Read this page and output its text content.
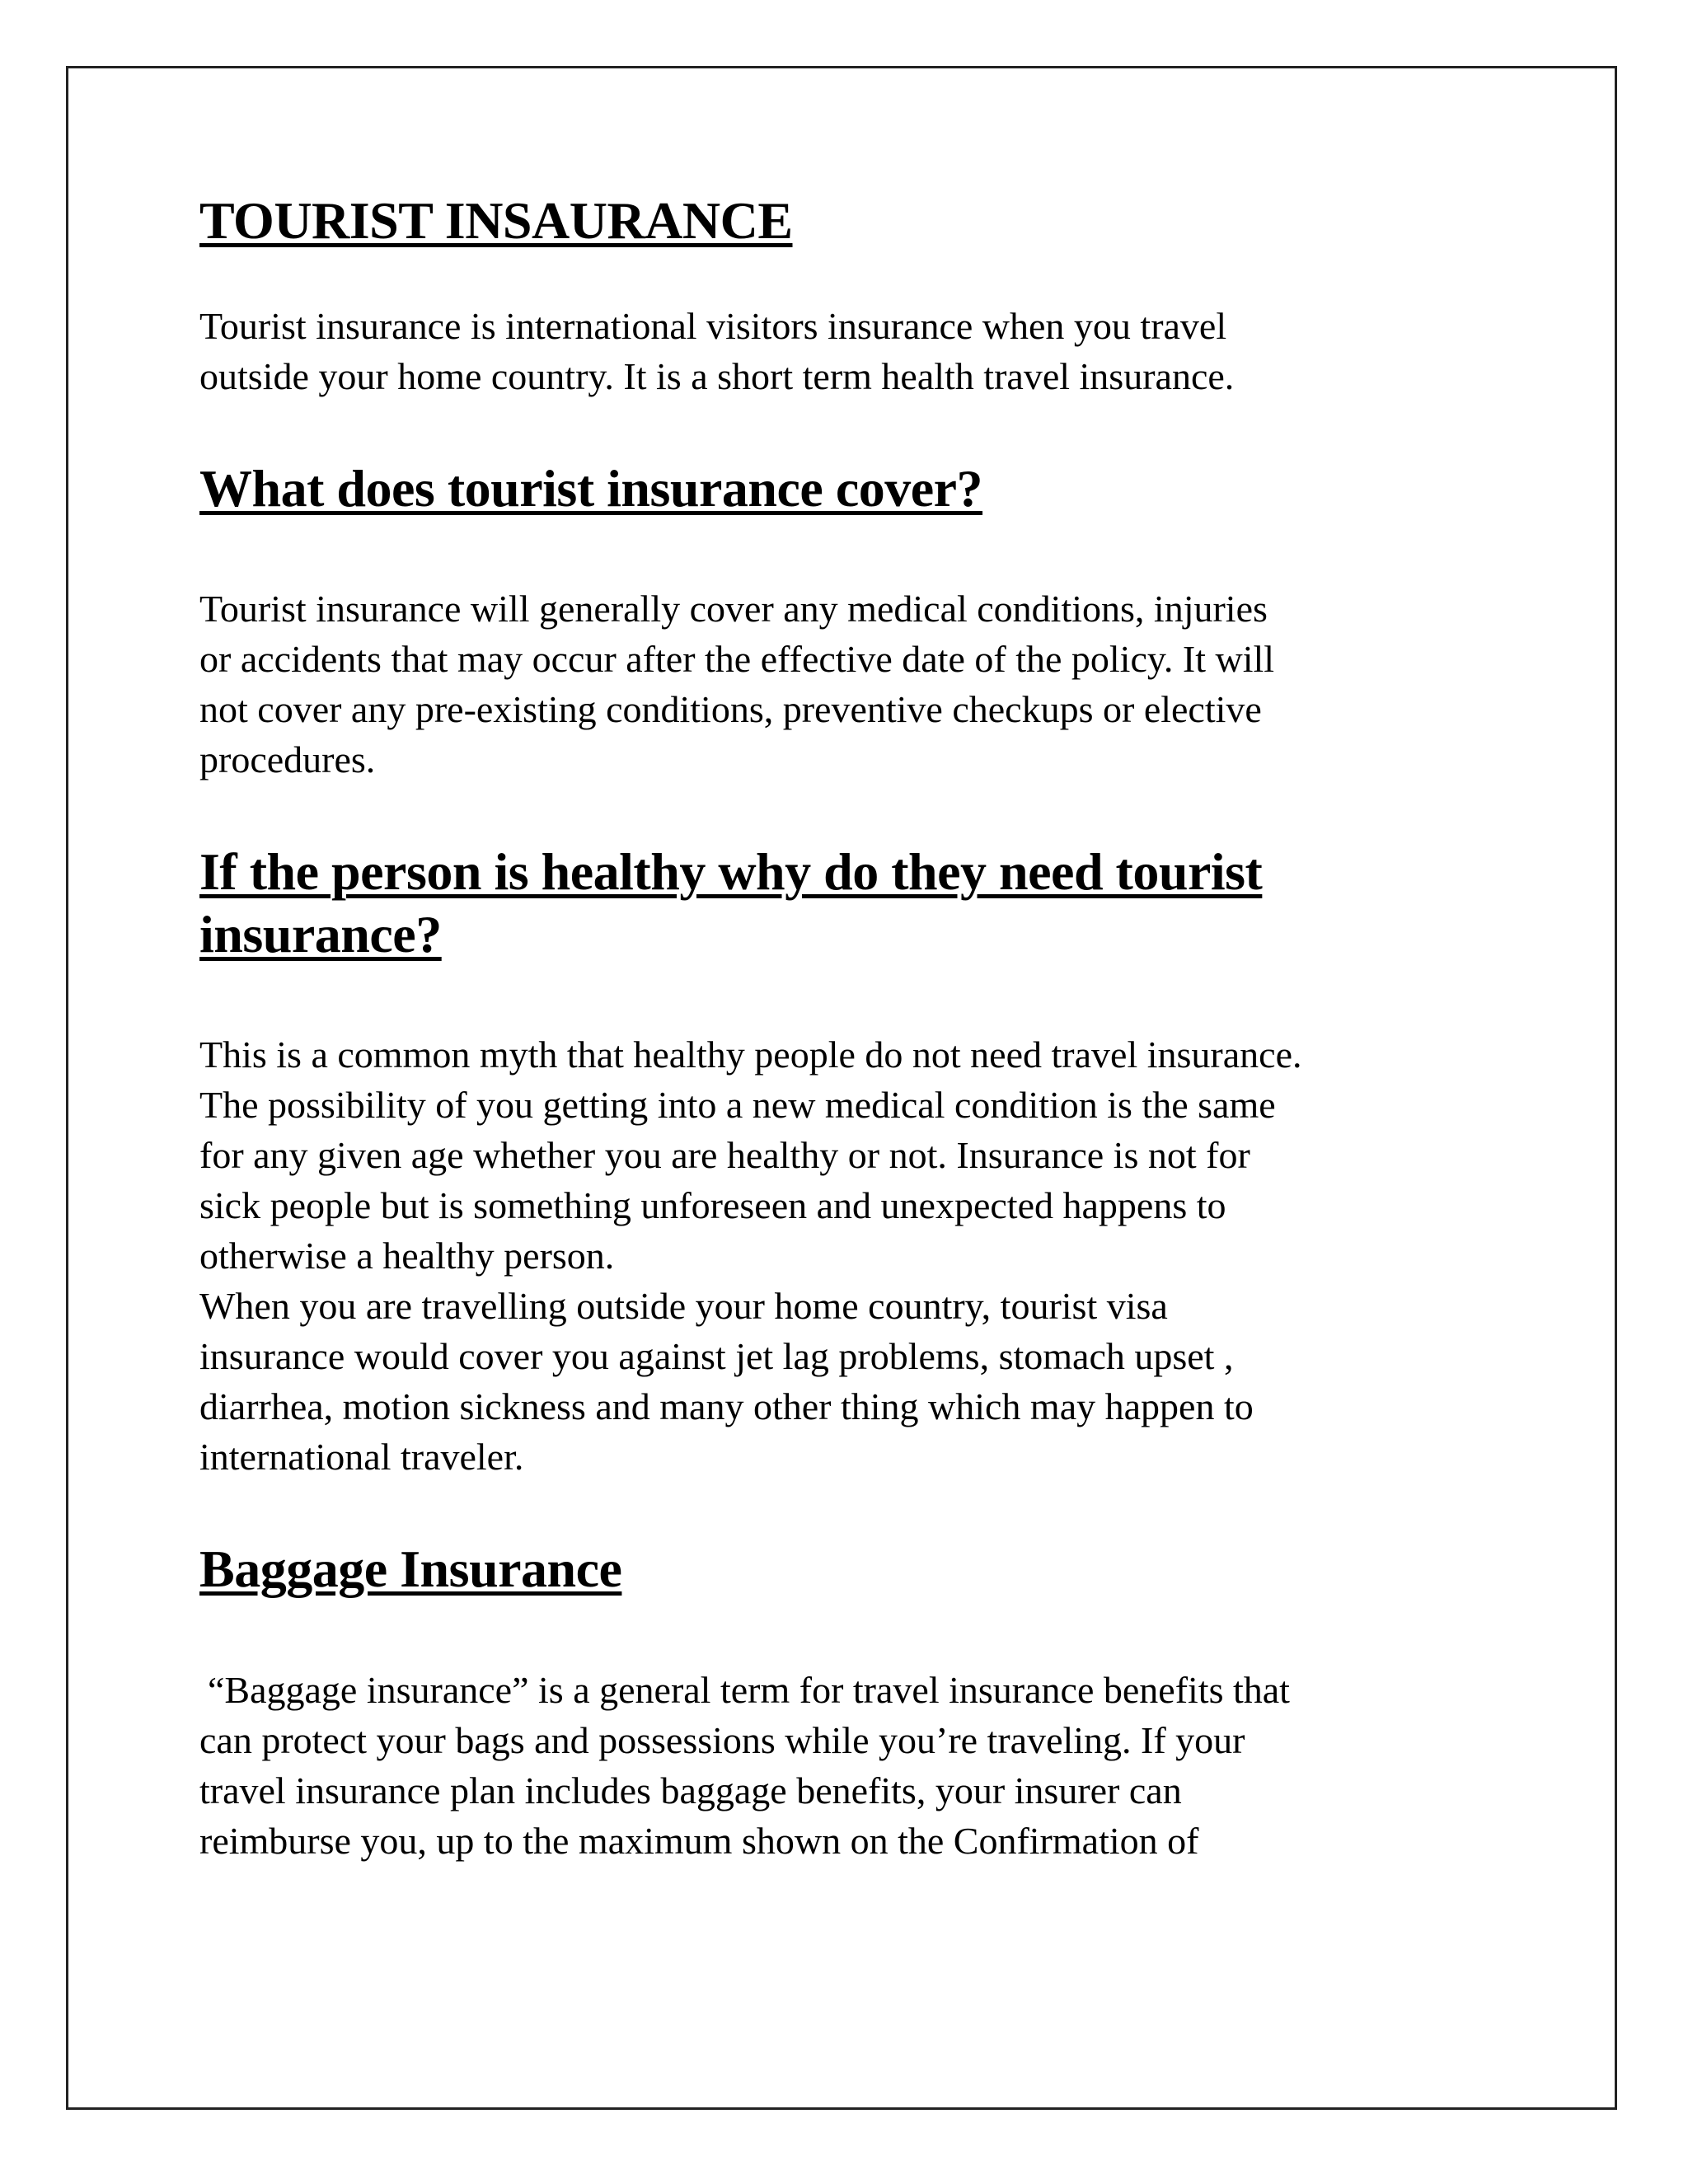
TOURIST INSAURANCE

Tourist insurance is international visitors insurance when you travel
outside your home country. It is a short term health travel insurance.

What does tourist insurance cover?

Tourist insurance will generally cover any medical conditions, injuries
or accidents that may occur after the effective date of the policy. It will
not cover any pre-existing conditions, preventive checkups or elective
procedures.

If the person is healthy why do they need tourist
insurance?

This is a common myth that healthy people do not need travel insurance.
The possibility of you getting into a new medical condition is the same
for any given age whether you are healthy or not. Insurance is not for
sick people but is something unforeseen and unexpected happens to
otherwise a healthy person.
When you are travelling outside your home country, tourist visa
insurance would cover you against jet lag problems, stomach upset ,
diarrhea, motion sickness and many other thing which may happen to
international traveler.

Baggage Insurance

“Baggage insurance” is a general term for travel insurance benefits that
can protect your bags and possessions while you’re traveling. If your
travel insurance plan includes baggage benefits, your insurer can
reimburse you, up to the maximum shown on the Confirmation of
